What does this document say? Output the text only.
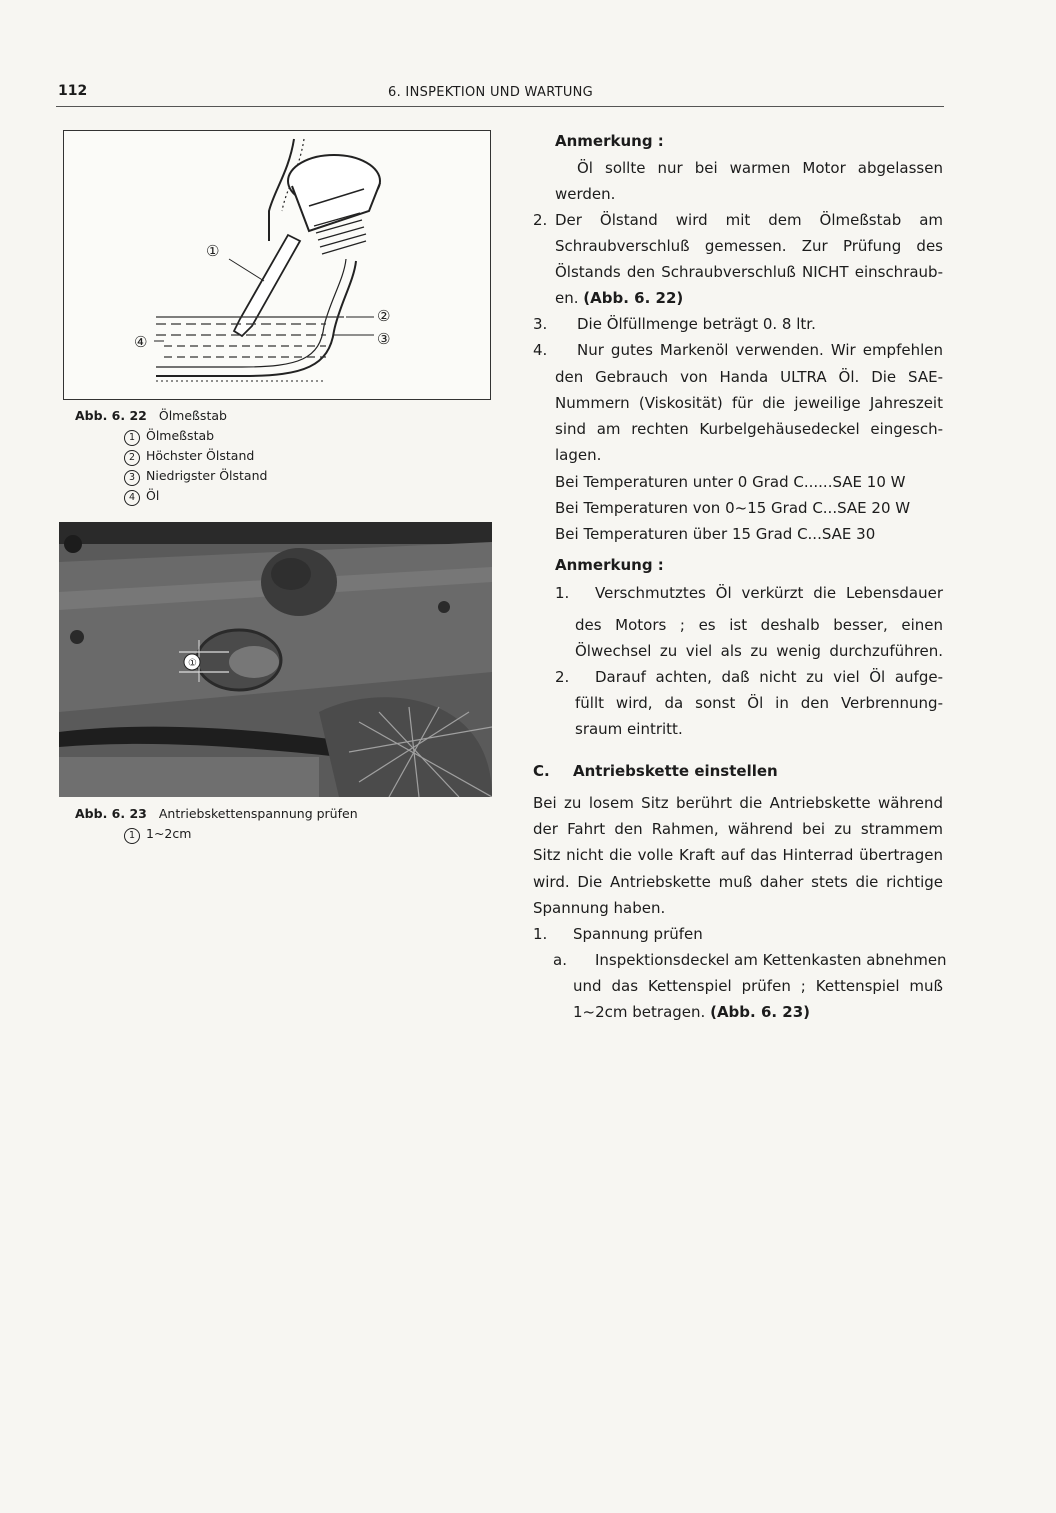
112	6. INSPEKTION UND WARTUNG
①
②
③
④
Abb. 6. 22 Ölmeßstab
1 Ölmeßstab
2 Höchster Ölstand
3 Niedrigster Ölstand
4 Öl
①
Abb. 6. 23 Antriebskettenspannung prüfen
1 1~2cm
Anmerkung :
Öl sollte nur bei warmen Motor abgelassen
werden.
2. Der Ölstand wird mit dem Ölmeßstab am
Schraubverschluß gemessen. Zur Prüfung des
Ölstands den Schraubverschluß NICHT einschraub-
en. (Abb. 6. 22)
3.	Die Ölfüllmenge beträgt 0. 8 ltr.
4.	Nur gutes Markenöl verwenden. Wir empfehlen
den Gebrauch von Handa ULTRA Öl. Die SAE-
Nummern (Viskosität) für die jeweilige Jahreszeit
sind am rechten Kurbelgehäusedeckel eingesch-
lagen.
Bei Temperaturen unter 0 Grad C......SAE 10 W
Bei Temperaturen von 0~15 Grad C...SAE 20 W
Bei Temperaturen über 15 Grad C...SAE 30
Anmerkung :
1.	Verschmutztes Öl verkürzt die Lebensdauer
des Motors ; es ist deshalb besser, einen
Ölwechsel zu viel als zu wenig durchzuführen.
2.	Darauf achten, daß nicht zu viel Öl aufge-
füllt wird, da sonst Öl in den Verbrennung-
sraum eintritt.
C.	Antriebskette einstellen
Bei zu losem Sitz berührt die Antriebskette während
der Fahrt den Rahmen, während bei zu strammem
Sitz nicht die volle Kraft auf das Hinterrad übertragen
wird. Die Antriebskette muß daher stets die richtige
Spannung haben.
1.	Spannung prüfen
a.	Inspektionsdeckel am Kettenkasten abnehmen
und das Kettenspiel prüfen ; Kettenspiel muß
1~2cm betragen. (Abb. 6. 23)
